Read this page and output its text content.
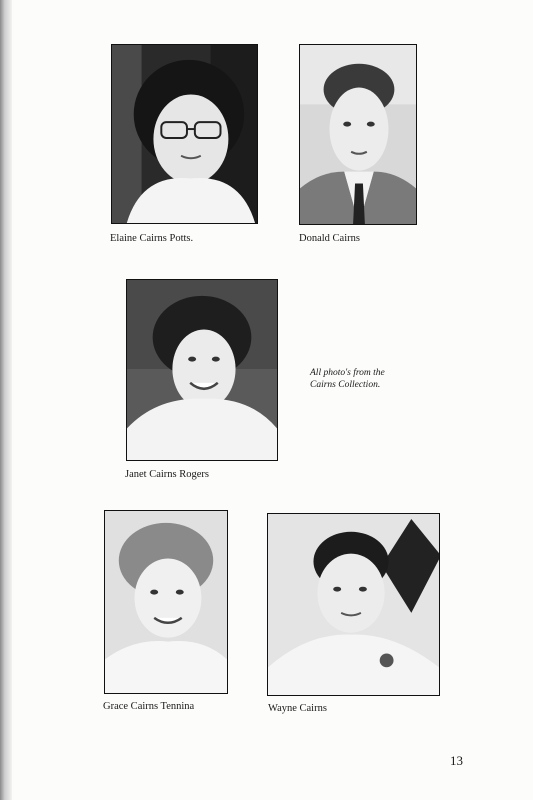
Elaine Cairns Potts.	Donald Cairns
Janet Cairns Rogers
All photo's from the
Cairns Collection.
Grace Cairns Tennina	Wayne Cairns
13
